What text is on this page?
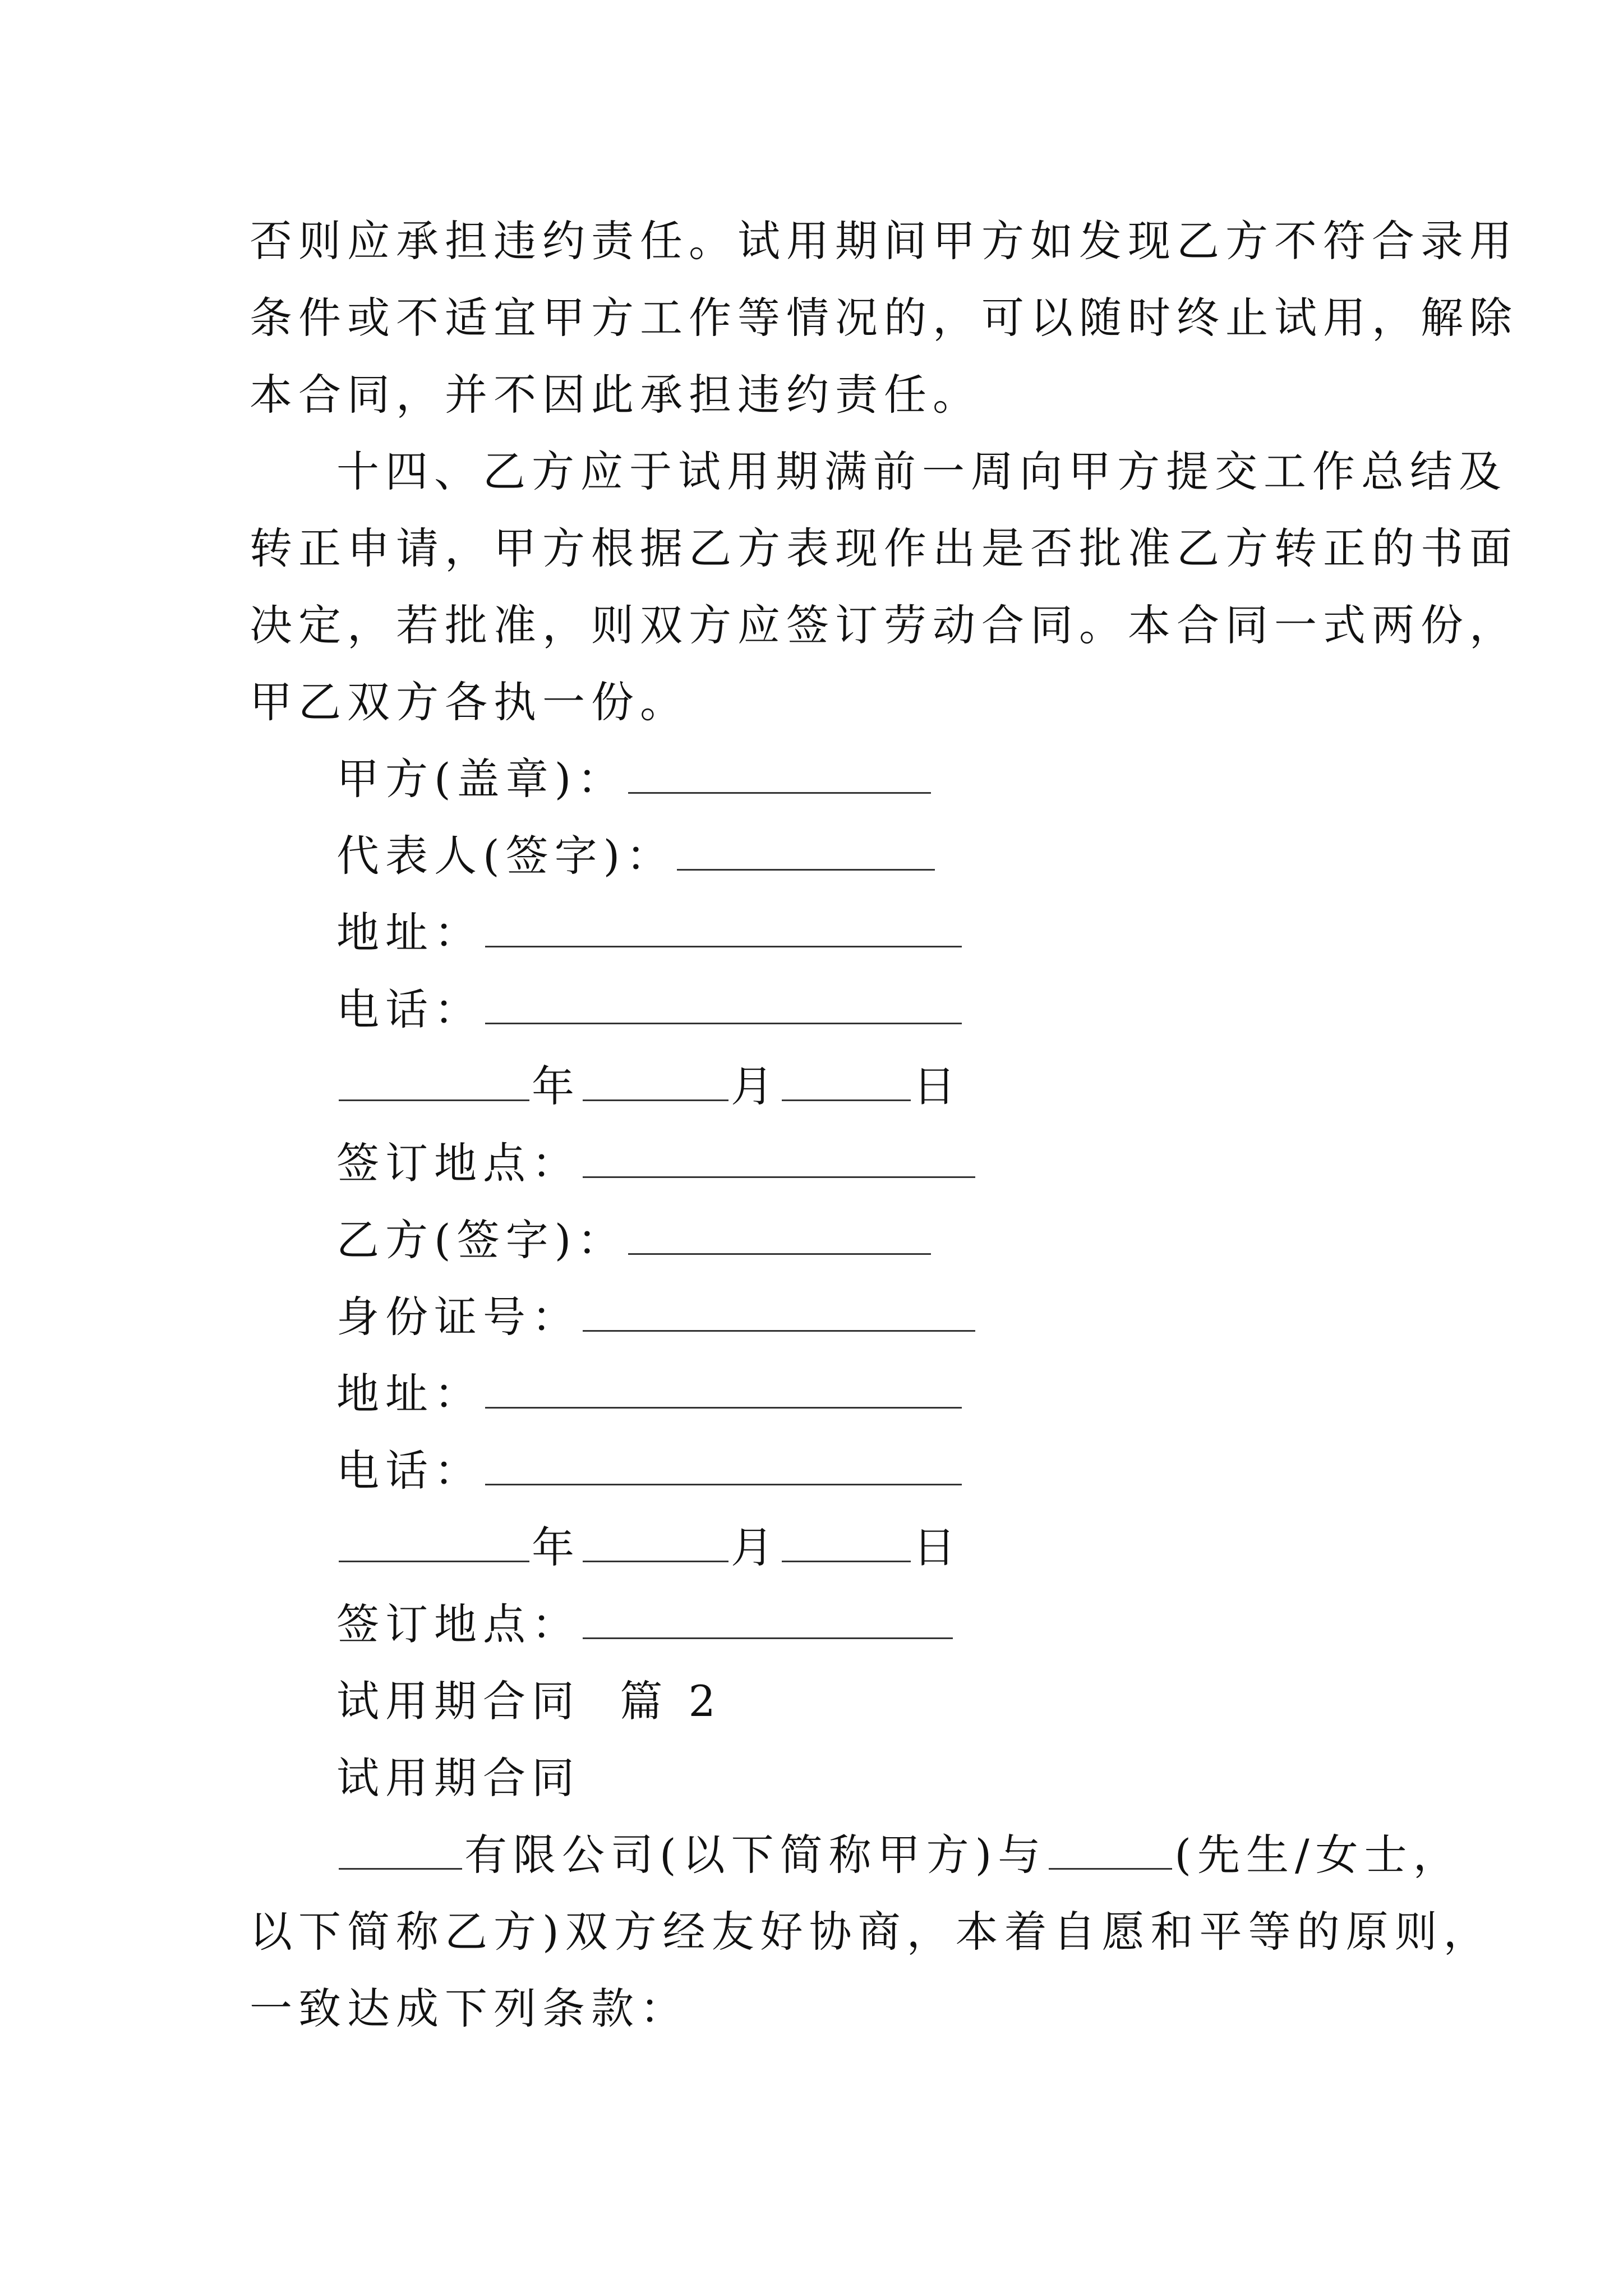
否则应承担违约责任。试用期间甲方如发现乙方不符合录用
条件或不适宜甲方工作等情况的，可以随时终止试用，解除
本合同，并不因此承担违约责任。
十四、乙方应于试用期满前一周向甲方提交工作总结及
转正申请，甲方根据乙方表现作出是否批准乙方转正的书面
决定，若批准，则双方应签订劳动合同。本合同一式两份，
甲乙双方各执一份。
甲方(盖章)：
代表人(签字)：
地址：
电话：
年	月	日
签订地点：
乙方(签字)：
身份证号：
地址：
电话：
年	月	日
签订地点：
试用期合同  篇 2
试用期合同
有限公司(以下简称甲方)与	(先生/女士，
以下简称乙方)双方经友好协商，本着自愿和平等的原则，
一致达成下列条款：
